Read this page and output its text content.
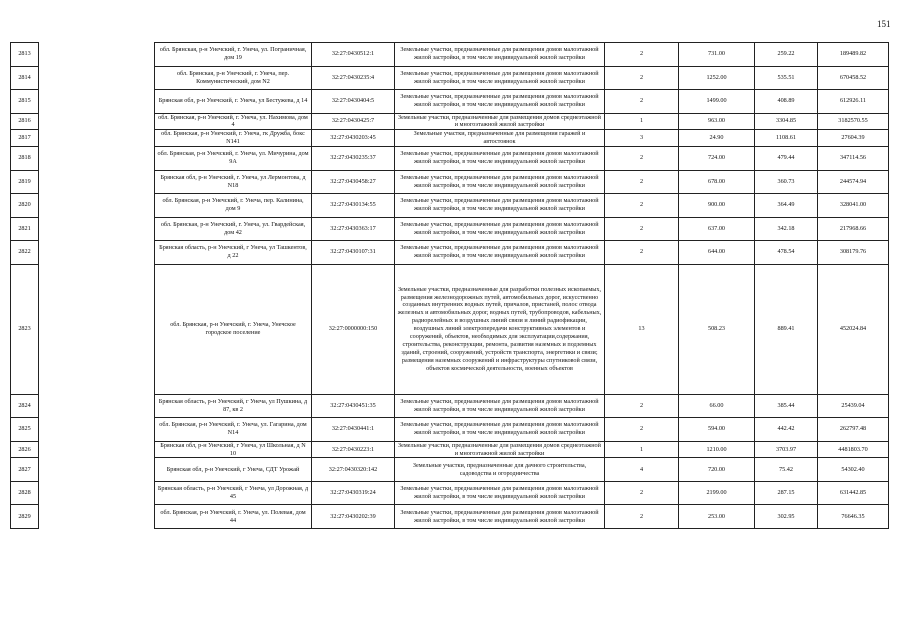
151
2813		обл. Брянская, р-н Унечский, г. Унеча, ул. Пограничная, дом 19	32:27:0430512:1	Земельные участки, предназначенные для размещения домов малоэтажной жилой застройки, в том числе индивидуальной жилой застройки	2	731.00	259.22	189489.82
2814		обл. Брянская, р-н Унечский, г. Унеча, пер. Коммунистический, дом N2	32:27:0430235:4	Земельные участки, предназначенные для размещения домов малоэтажной жилой застройки, в том числе индивидуальной жилой застройки	2	1252.00	535.51	670458.52
2815		Брянская обл, р-н Унечский, г. Унеча, ул Бестужева, д 14	32:27:0430404:5	Земельные участки, предназначенные для размещения домов малоэтажной жилой застройки, в том числе индивидуальной жилой застройки	2	1499.00	408.89	612926.11
2816		обл. Брянская, р-н Унечский, г. Унеча, ул. Нахимова, дом 4	32:27:0430425:7	Земельные участки, предназначенные для размещения домов среднеэтажной и многоэтажной жилой застройки	1	963.00	3304.85	3182570.55
2817		обл. Брянская, р-н Унечский, г. Унеча, гк Дружба, бокс N141	32:27:0430203:45	Земельные участки, предназначенные для размещения гаражей и автостоянок	3	24.90	1108.61	27604.39
2818		обл. Брянская, р-н Унечский, г. Унеча, ул. Мичурина, дом 9А	32:27:0430235:37	Земельные участки, предназначенные для размещения домов малоэтажной жилой застройки, в том числе индивидуальной жилой застройки	2	724.00	479.44	347114.56
2819		Брянская обл, р-н Унечский, г. Унеча, ул Лермонтова, д N18	32:27:0430458:27	Земельные участки, предназначенные для размещения домов малоэтажной жилой застройки, в том числе индивидуальной жилой застройки	2	678.00	360.73	244574.94
2820		обл. Брянская, р-н Унечский, г. Унеча, пер. Калинина, дом 9	32:27:0430134:55	Земельные участки, предназначенные для размещения домов малоэтажной жилой застройки, в том числе индивидуальной жилой застройки	2	900.00	364.49	328041.00
2821		обл. Брянская, р-н Унечский, г. Унеча, ул. Гвардейская, дом 42	32:27:0430363:17	Земельные участки, предназначенные для размещения домов малоэтажной жилой застройки, в том числе индивидуальной жилой застройки	2	637.00	342.18	217968.66
2822		Брянская область, р-н Унечский, г Унеча, ул Ташкентов, д 22	32:27:0430107:31	Земельные участки, предназначенные для размещения домов малоэтажной жилой застройки, в том числе индивидуальной жилой застройки	2	644.00	478.54	308179.76
2823		обл. Брянская, р-н Унечский, г. Унеча, Унечское городское поселение	32:27:0000000:150	Земельные участки, предназначенные для разработки полезных ископаемых, размещения железнодорожных путей, автомобильных дорог, искусственно созданных внутренних водных путей, причалов, пристаней, полос отвода железных и автомобильных дорог, водных путей, трубопроводов, кабельных, радиорелейных и воздушных линий связи и линий радиофикации, воздушных линий электропередачи конструктивных элементов и сооружений, объектов, необходимых для эксплуатации,содержания, строительства, реконструкции, ремонта, развития наземных и подземных зданий, строений, сооружений, устройств транспорта, энергетики и связи; размещения наземных сооружений и инфраструктуры спутниковой связи, объектов космической деятельности, военных объектов	13	508.23	889.41	452024.84
2824		Брянская область, р-н Унечский, г Унеча, ул Пушкина, д 87, кв 2	32:27:0430451:35	Земельные участки, предназначенные для размещения домов малоэтажной жилой застройки, в том числе индивидуальной жилой застройки	2	66.00	385.44	25439.04
2825		обл. Брянская, р-н Унечский, г. Унеча, ул. Гагарина, дом N14	32:27:0430441:1	Земельные участки, предназначенные для размещения домов малоэтажной жилой застройки, в том числе индивидуальной жилой застройки	2	594.00	442.42	262797.48
2826		Брянская обл, р-н Унечский, г Унеча, ул Школьная, д N 10	32:27:0430223:1	Земельные участки, предназначенные для размещения домов среднеэтажной и многоэтажной жилой застройки	1	1210.00	3703.97	4481803.70
2827		Брянская обл, р-н Унечский, г Унеча, СДТ Урожай	32:27:0430320:142	Земельные участки, предназначенные для дачного строительства, садоводства и огородничества	4	720.00	75.42	54302.40
2828		Брянская область, р-н Унечский, г Унеча, ул Дорожная, д 45	32:27:0430319:24	Земельные участки, предназначенные для размещения домов малоэтажной жилой застройки, в том числе индивидуальной жилой застройки	2	2199.00	287.15	631442.85
2829		обл. Брянская, р-н Унечский, г. Унеча, ул. Полевая, дом 44	32:27:0430202:39	Земельные участки, предназначенные для размещения домов малоэтажной жилой застройки, в том числе индивидуальной жилой застройки	2	253.00	302.95	76646.35
